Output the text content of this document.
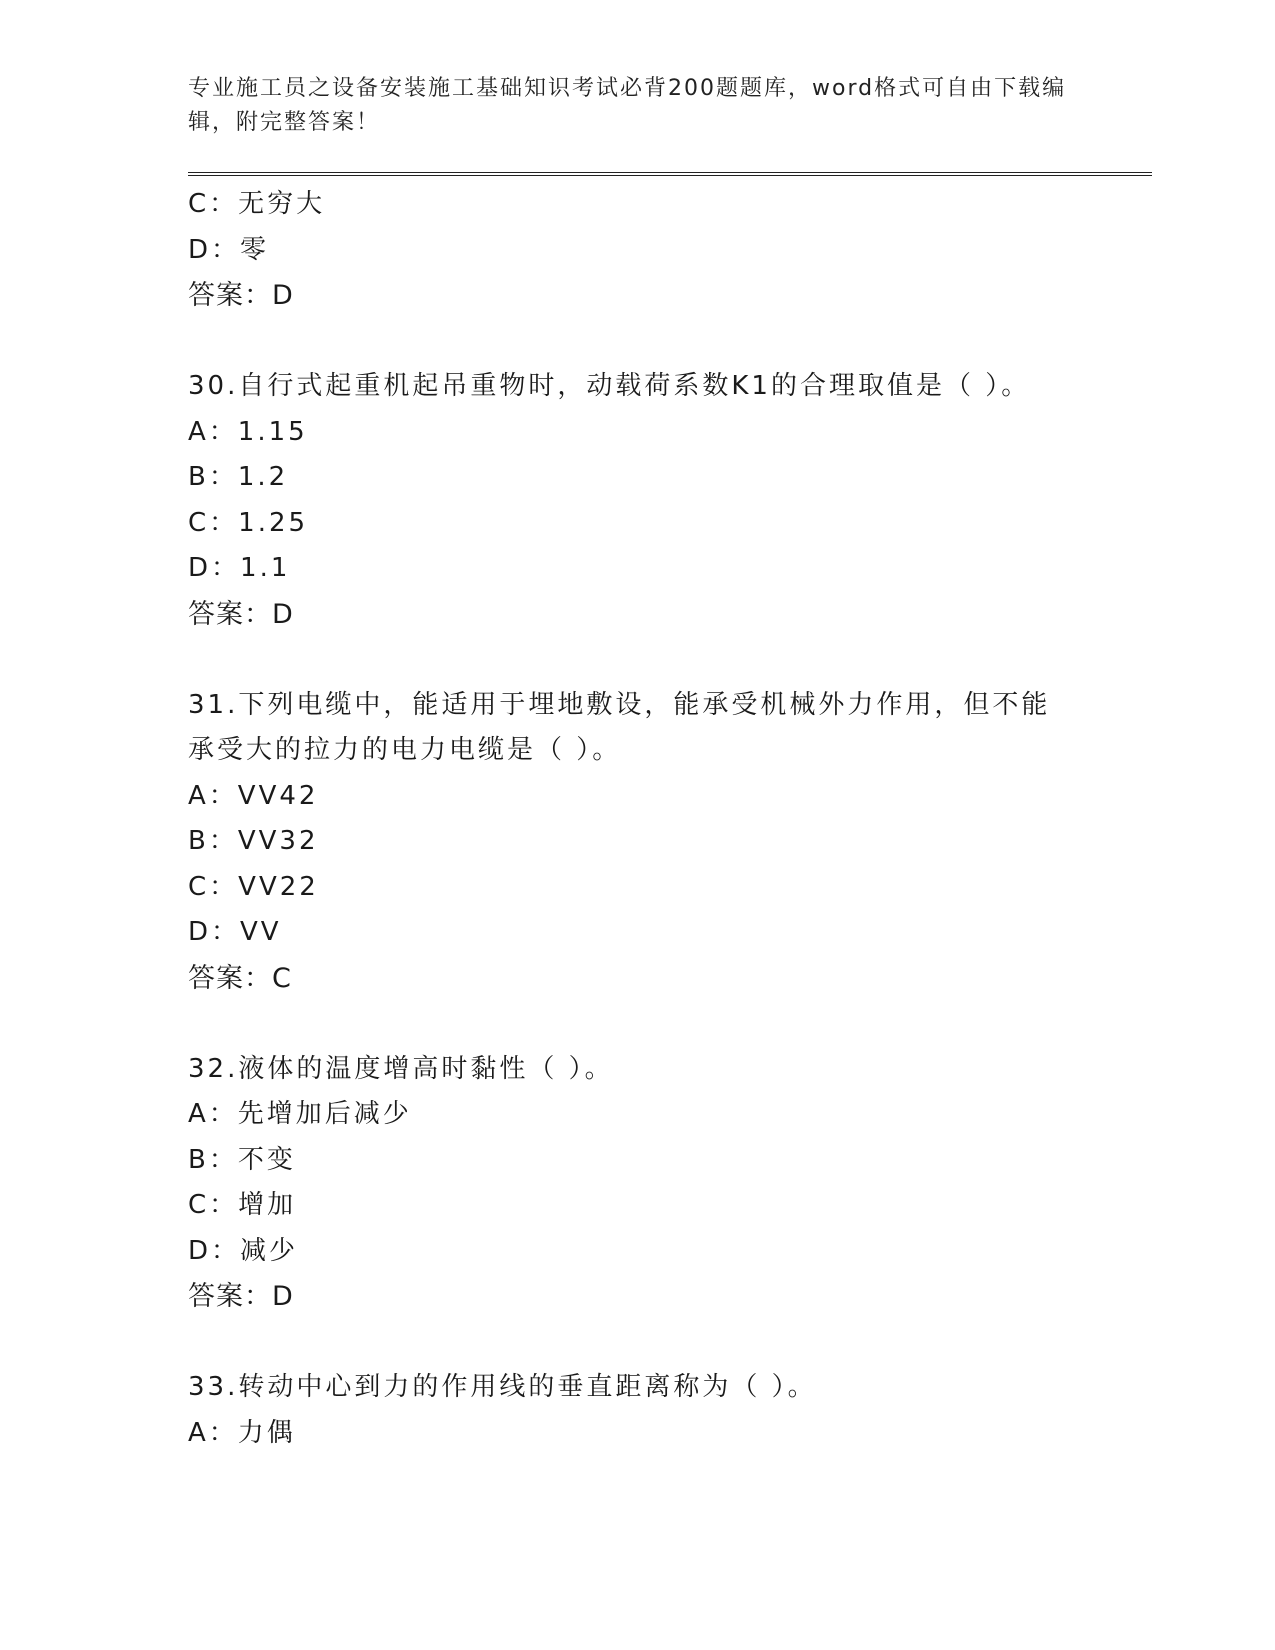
专业施工员之设备安装施工基础知识考试必背200题题库，word格式可自由下载编辑，附完整答案！
C：无穷大
D：零
答案：D
30.自行式起重机起吊重物时，动载荷系数K1的合理取值是（ ）。
A：1.15
B：1.2
C：1.25
D：1.1
答案：D
31.下列电缆中，能适用于埋地敷设，能承受机械外力作用，但不能承受大的拉力的电力电缆是（ ）。
A：VV42
B：VV32
C：VV22
D：VV
答案：C
32.液体的温度增高时黏性（ ）。
A：先增加后减少
B：不变
C：增加
D：减少
答案：D
33.转动中心到力的作用线的垂直距离称为（ ）。
A：力偶
